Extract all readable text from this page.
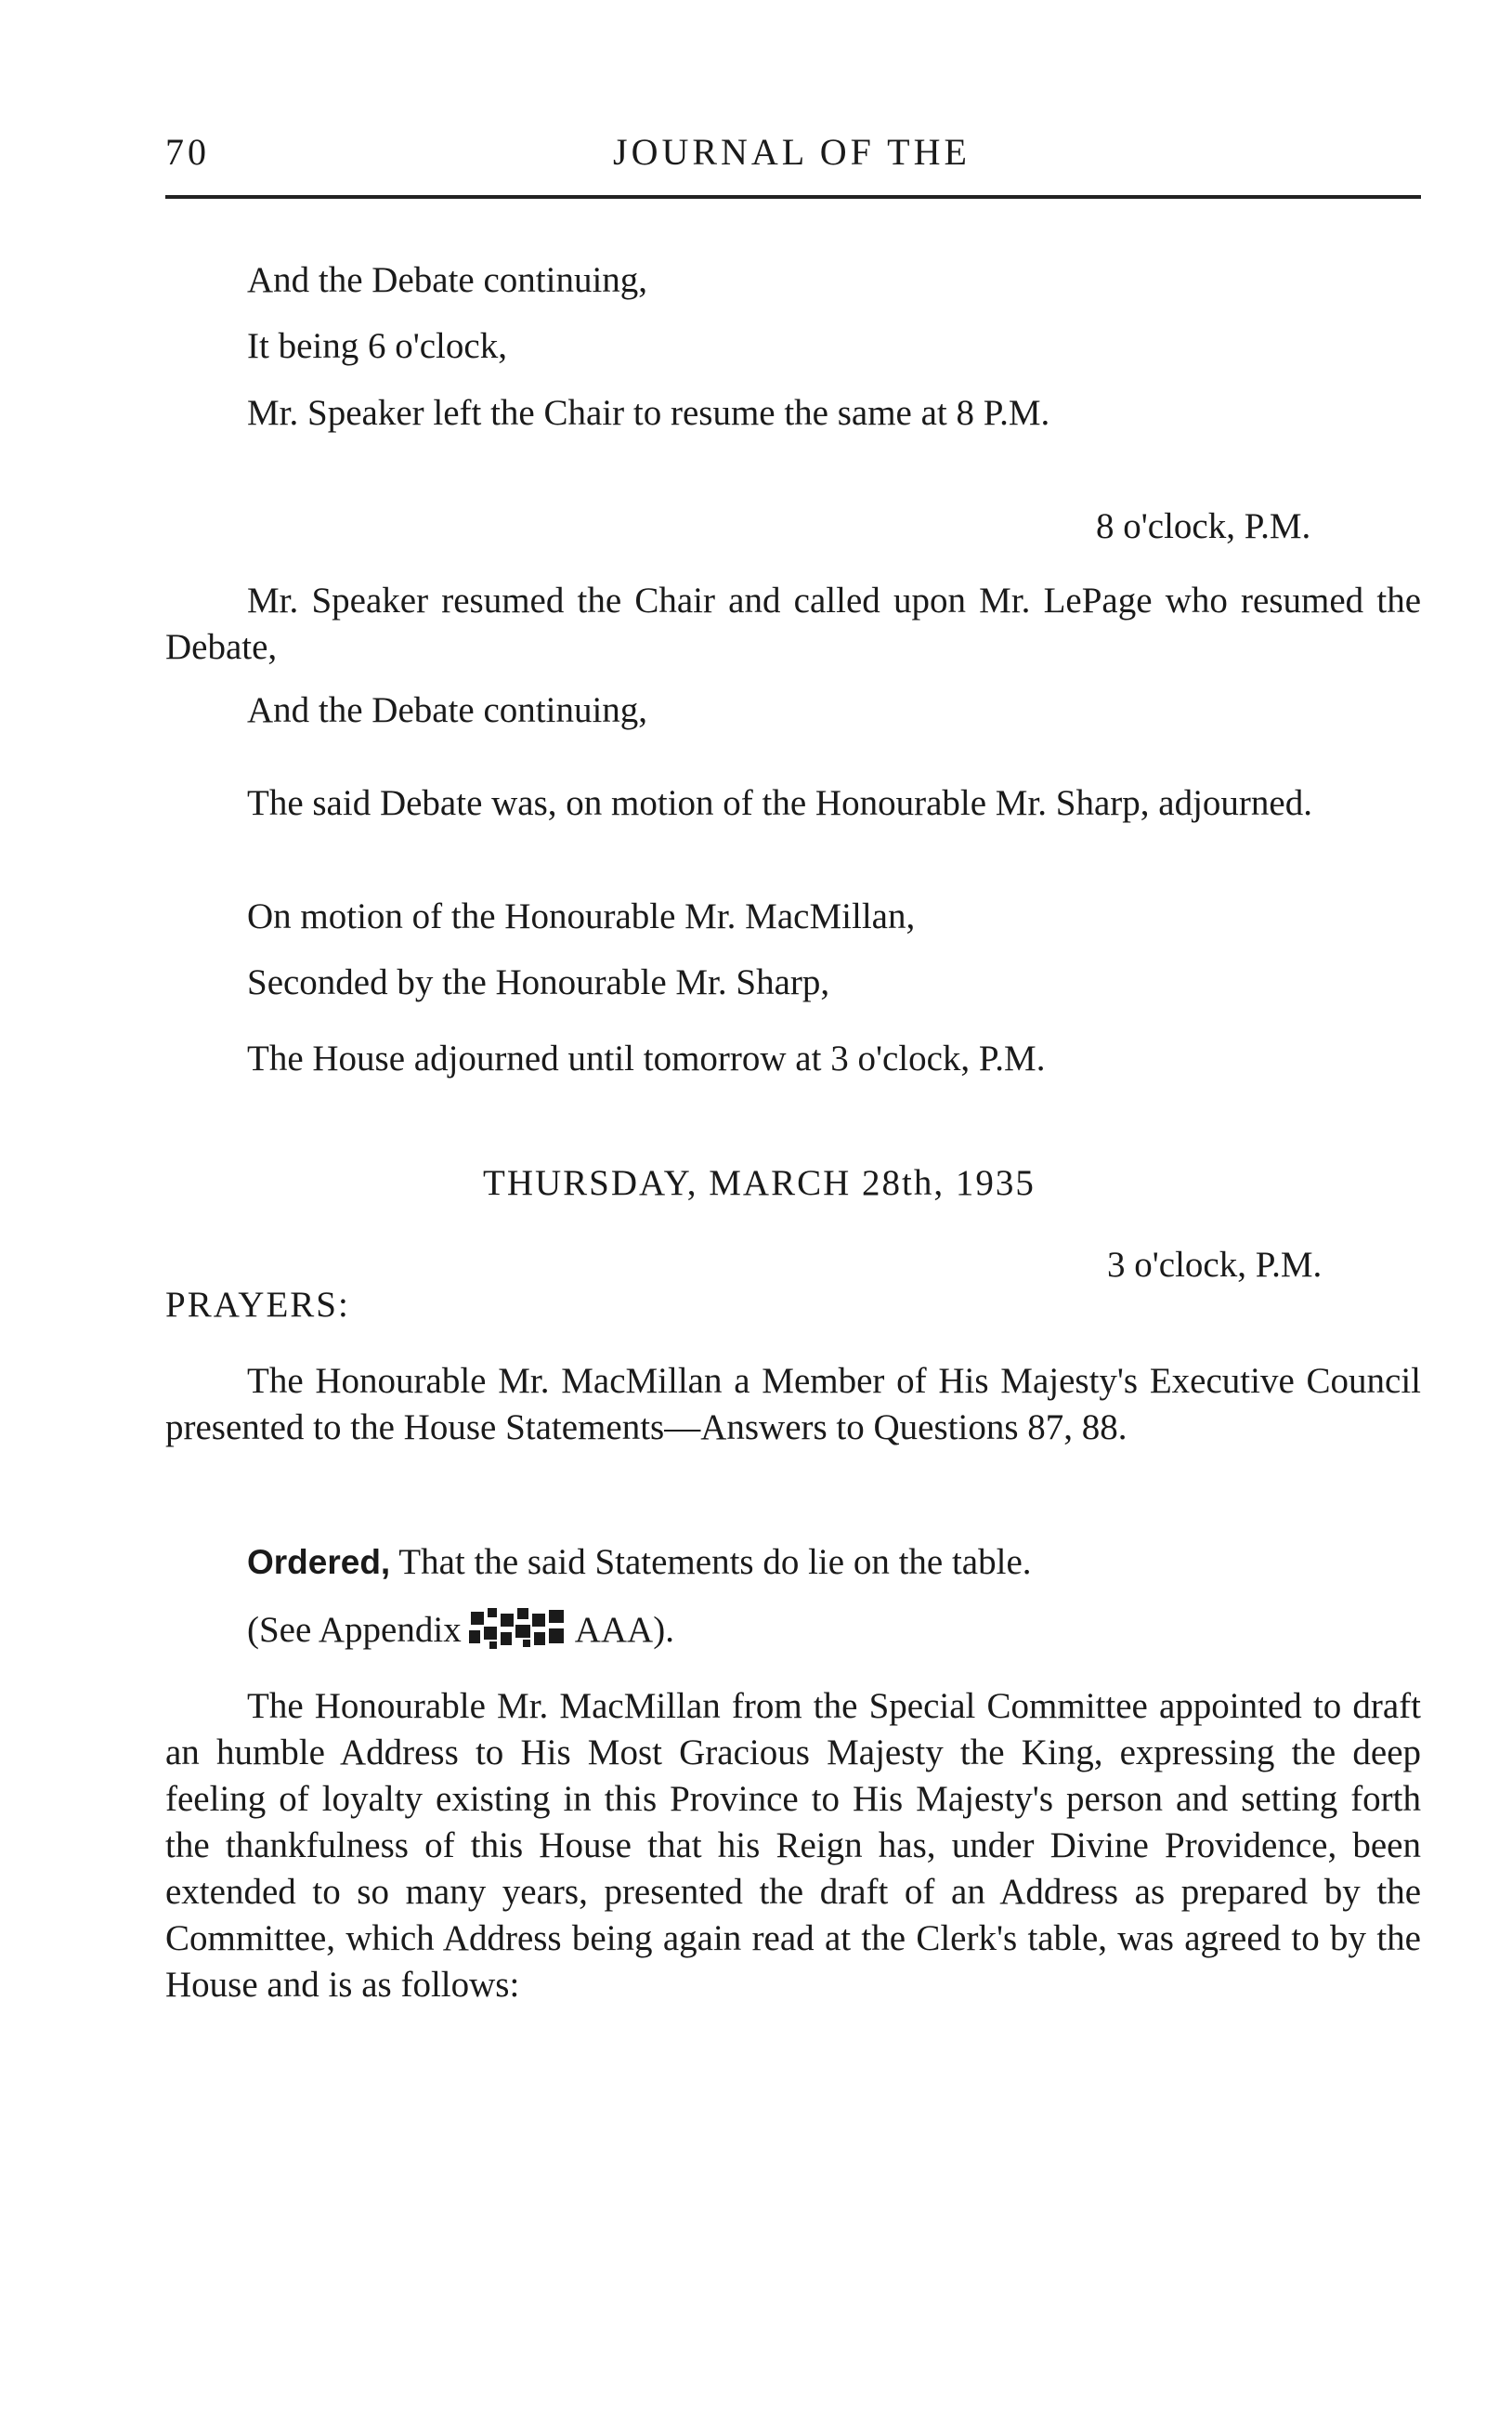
70	JOURNAL OF THE
And the Debate continuing,
It being 6 o'clock,
Mr. Speaker left the Chair to resume the same at 8 P.M.
8 o'clock, P.M.
Mr. Speaker resumed the Chair and called upon Mr. LePage who resumed the Debate,
And the Debate continuing,
The said Debate was, on motion of the Honourable Mr. Sharp, adjourned.
On motion of the Honourable Mr. MacMillan,
Seconded by the Honourable Mr. Sharp,
The House adjourned until tomorrow at 3 o'clock, P.M.
THURSDAY, MARCH 28th, 1935
3 o'clock, P.M.
PRAYERS:
The Honourable Mr. MacMillan a Member of His Majesty's Executive Council presented to the House Statements—Answers to Questions 87, 88.
Ordered, That the said Statements do lie on the table.
(See Appendix	AAA).
The Honourable Mr. MacMillan from the Special Committee appointed to draft an humble Address to His Most Gracious Majesty the King, expressing the deep feeling of loyalty existing in this Province to His Majesty's person and setting forth the thankfulness of this House that his Reign has, under Divine Providence, been extended to so many years, presented the draft of an Address as prepared by the Committee, which Address being again read at the Clerk's table, was agreed to by the House and is as follows:
